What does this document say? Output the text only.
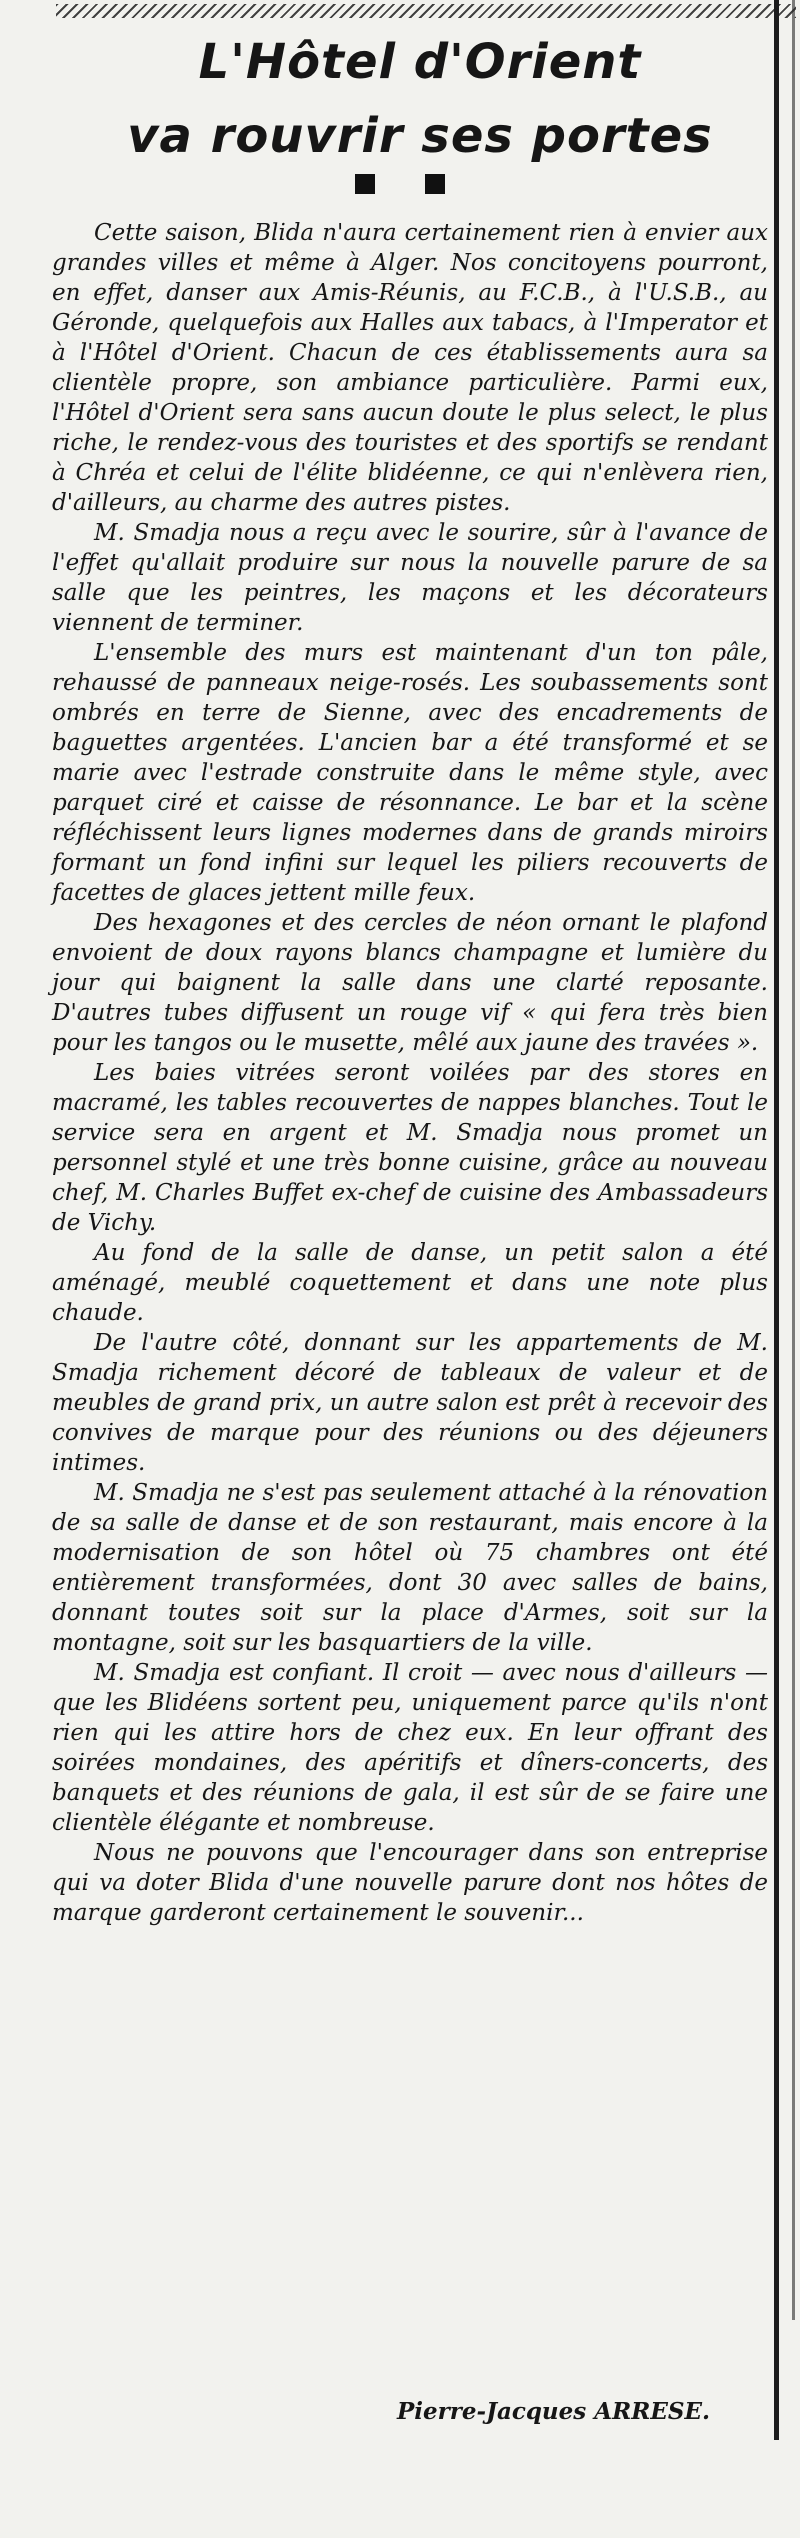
L'Hôtel d'Orient
va rouvrir ses portes

Cette saison, Blida n'aura certainement rien à envier aux grandes villes et même à Alger. Nos concitoyens pourront, en effet, danser aux Amis-Réunis, au F.C.B., à l'U.S.B., au Géronde, quelquefois aux Halles aux tabacs, à l'Imperator et à l'Hôtel d'Orient. Chacun de ces établissements aura sa clientèle propre, son ambiance particulière. Parmi eux, l'Hôtel d'Orient sera sans aucun doute le plus select, le plus riche, le rendez-vous des touristes et des sportifs se rendant à Chréa et celui de l'élite blidéenne, ce qui n'enlèvera rien, d'ailleurs, au charme des autres pistes.

M. Smadja nous a reçu avec le sourire, sûr à l'avance de l'effet qu'allait produire sur nous la nouvelle parure de sa salle que les peintres, les maçons et les décorateurs viennent de terminer.

L'ensemble des murs est maintenant d'un ton pâle, rehaussé de panneaux neige-rosés. Les soubassements sont ombrés en terre de Sienne, avec des encadrements de baguettes argentées. L'ancien bar a été transformé et se marie avec l'estrade construite dans le même style, avec parquet ciré et caisse de résonnance. Le bar et la scène réfléchissent leurs lignes modernes dans de grands miroirs formant un fond infini sur lequel les piliers recouverts de facettes de glaces jettent mille feux.

Des hexagones et des cercles de néon ornant le plafond envoient de doux rayons blancs champagne et lumière du jour qui baignent la salle dans une clarté reposante. D'autres tubes diffusent un rouge vif « qui fera très bien pour les tangos ou le musette, mêlé aux jaune des travées ».

Les baies vitrées seront voilées par des stores en macramé, les tables recouvertes de nappes blanches. Tout le service sera en argent et M. Smadja nous promet un personnel stylé et une très bonne cuisine, grâce au nouveau chef, M. Charles Buffet ex-chef de cuisine des Ambassadeurs de Vichy.

Au fond de la salle de danse, un petit salon a été aménagé, meublé coquettement et dans une note plus chaude.

De l'autre côté, donnant sur les appartements de M. Smadja richement décoré de tableaux de valeur et de meubles de grand prix, un autre salon est prêt à recevoir des convives de marque pour des réunions ou des déjeuners intimes.

M. Smadja ne s'est pas seulement attaché à la rénovation de sa salle de danse et de son restaurant, mais encore à la modernisation de son hôtel où 75 chambres ont été entièrement transformées, dont 30 avec salles de bains, donnant toutes soit sur la place d'Armes, soit sur la montagne, soit sur les basquartiers de la ville.

M. Smadja est confiant. Il croit — avec nous d'ailleurs — que les Blidéens sortent peu, uniquement parce qu'ils n'ont rien qui les attire hors de chez eux. En leur offrant des soirées mondaines, des apéritifs et dîners-concerts, des banquets et des réunions de gala, il est sûr de se faire une clientèle élégante et nombreuse.

Nous ne pouvons que l'encourager dans son entreprise qui va doter Blida d'une nouvelle parure dont nos hôtes de marque garderont certainement le souvenir...

Pierre-Jacques ARRESE.
